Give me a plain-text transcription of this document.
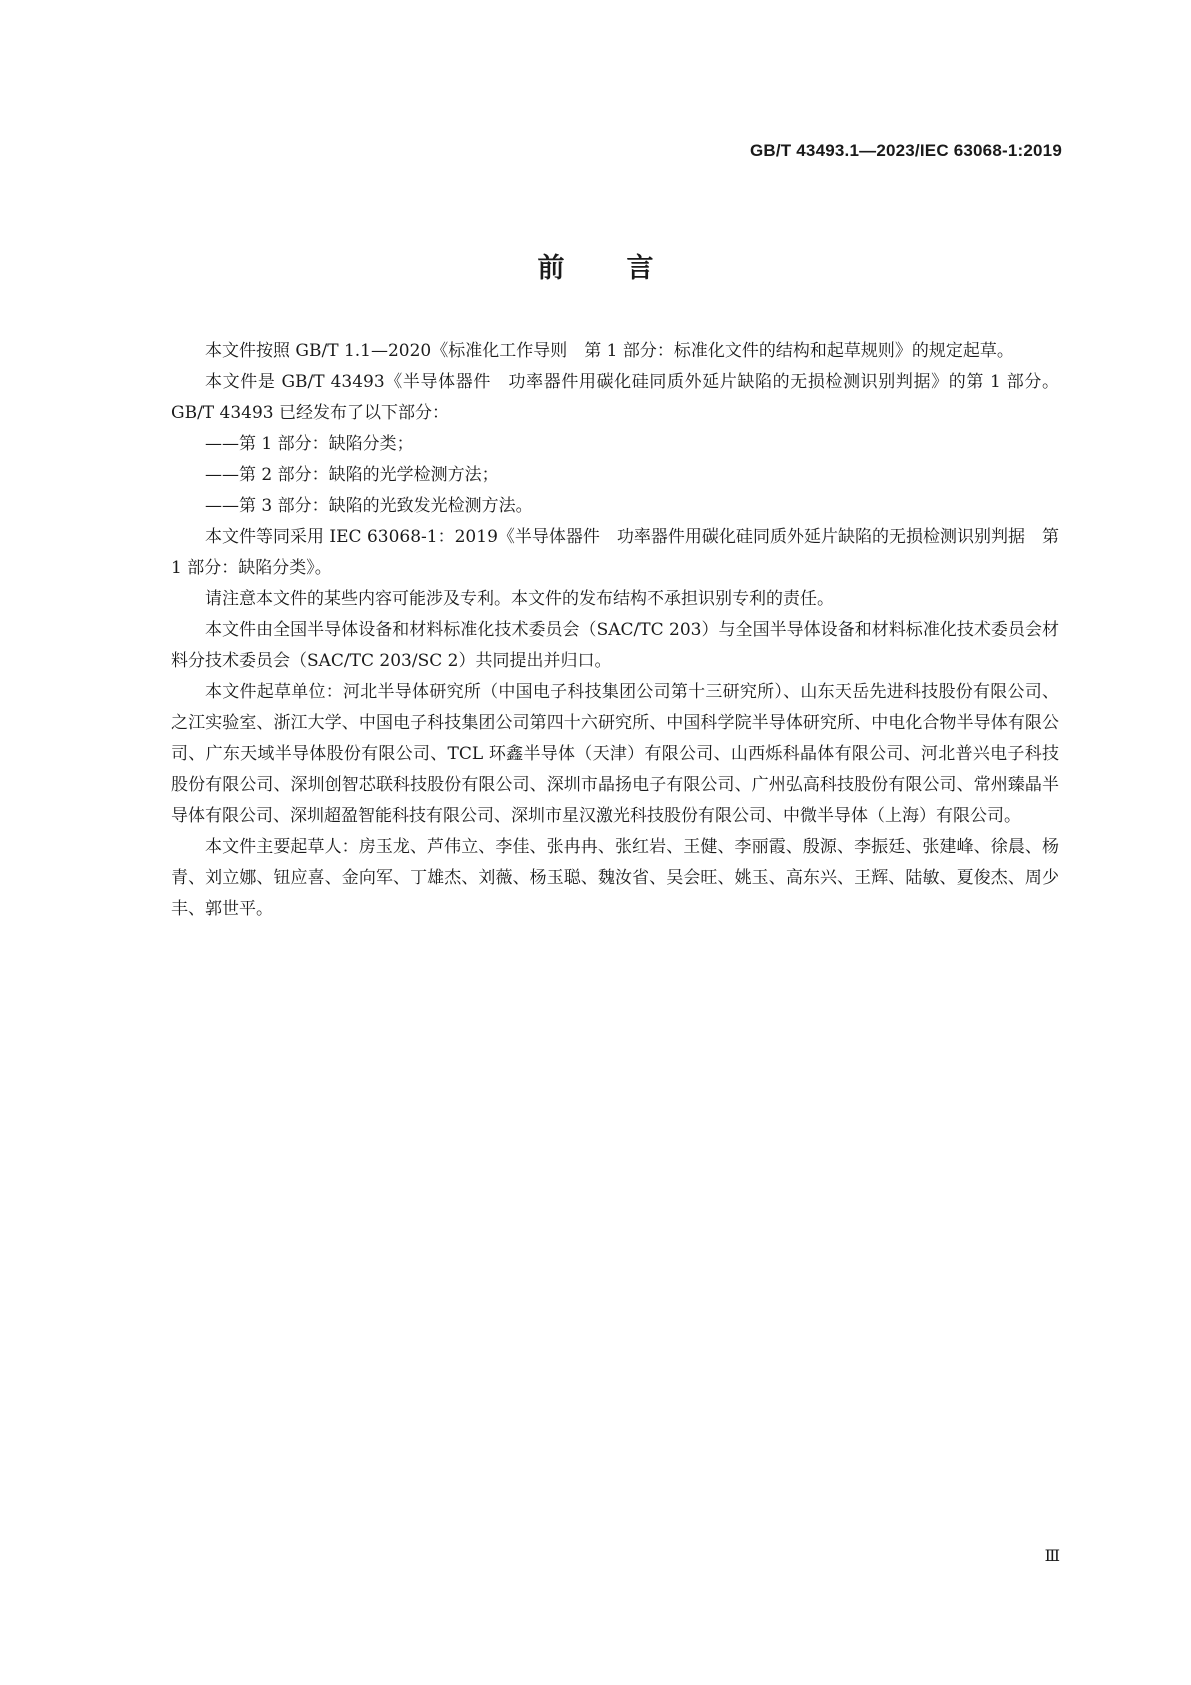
GB/T 43493.1—2023/IEC 63068-1:2019
前言

本文件按照 GB/T 1.1—2020《标准化工作导则　第 1 部分：标准化文件的结构和起草规则》的规定起草。

本文件是 GB/T 43493《半导体器件　功率器件用碳化硅同质外延片缺陷的无损检测识别判据》的第 1 部分。GB/T 43493 已经发布了以下部分：

——第 1 部分：缺陷分类；

——第 2 部分：缺陷的光学检测方法；

——第 3 部分：缺陷的光致发光检测方法。

本文件等同采用 IEC 63068-1：2019《半导体器件　功率器件用碳化硅同质外延片缺陷的无损检测识别判据　第 1 部分：缺陷分类》。

请注意本文件的某些内容可能涉及专利。本文件的发布结构不承担识别专利的责任。

本文件由全国半导体设备和材料标准化技术委员会（SAC/TC 203）与全国半导体设备和材料标准化技术委员会材料分技术委员会（SAC/TC 203/SC 2）共同提出并归口。

本文件起草单位：河北半导体研究所（中国电子科技集团公司第十三研究所）、山东天岳先进科技股份有限公司、之江实验室、浙江大学、中国电子科技集团公司第四十六研究所、中国科学院半导体研究所、中电化合物半导体有限公司、广东天域半导体股份有限公司、TCL 环鑫半导体（天津）有限公司、山西烁科晶体有限公司、河北普兴电子科技股份有限公司、深圳创智芯联科技股份有限公司、深圳市晶扬电子有限公司、广州弘高科技股份有限公司、常州臻晶半导体有限公司、深圳超盈智能科技有限公司、深圳市星汉激光科技股份有限公司、中微半导体（上海）有限公司。

本文件主要起草人：房玉龙、芦伟立、李佳、张冉冉、张红岩、王健、李丽霞、殷源、李振廷、张建峰、徐晨、杨青、刘立娜、钮应喜、金向军、丁雄杰、刘薇、杨玉聪、魏汝省、吴会旺、姚玉、高东兴、王辉、陆敏、夏俊杰、周少丰、郭世平。

Ⅲ
